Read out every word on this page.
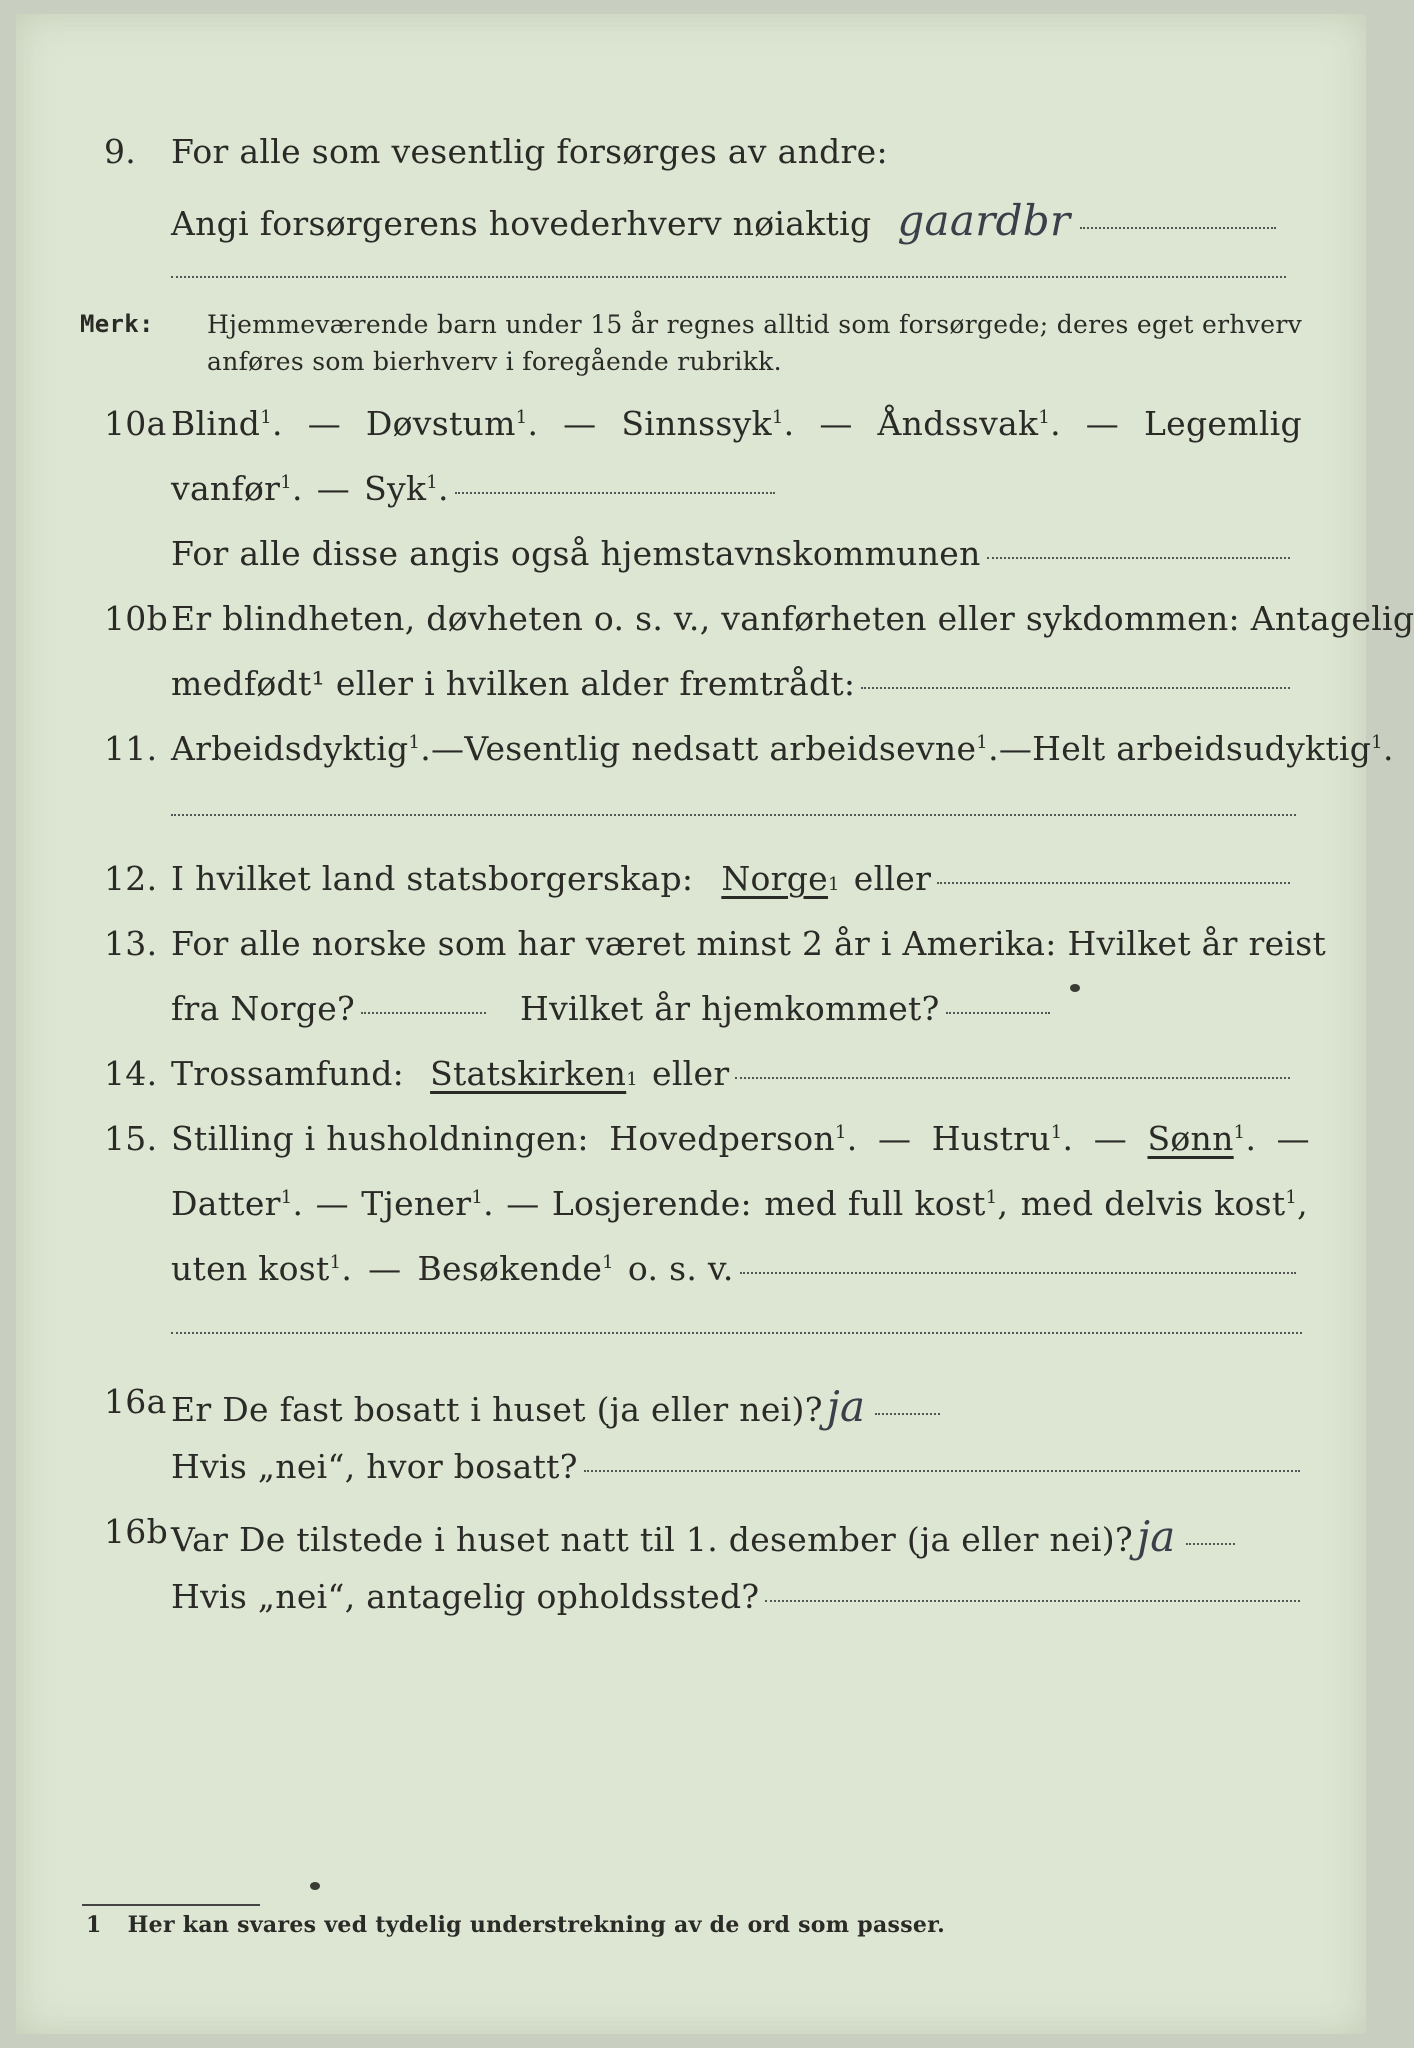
9.	For alle som vesentlig forsørges av andre:
Angi forsørgerens hovederhverv nøiaktig gaardbr
Merk: Hjemmeværende barn under 15 år regnes alltid som forsørgede; deres eget erhverv anføres som bierhverv i foregående rubrikk.
10a Blind$^1$. — Døvstum$^1$. — Sinnssyk$^1$. — Åndssvak$^1$. — Legemlig
vanfør$^1$. — Syk$^1$.
For alle disse angis også hjemstavnskommunen
10b Er blindheten, døvheten o. s. v., vanførheten eller sykdommen: Antagelig
medfødt¹ eller i hvilken alder fremtrådt:
11. Arbeidsdyktig$^1$. — Vesentlig nedsatt arbeidsevne$^1$. — Helt arbeidsudyktig$^1$.
12. I hvilket land statsborgerskap: Norge 1 eller
13. For alle norske som har været minst 2 år i Amerika: Hvilket år reist
fra Norge?	Hvilket år hjemkommet?
14. Trossamfund: Statskirken 1 eller
15. Stilling i husholdningen: Hovedperson$^1$. — Hustru$^1$. — Sønn$^1$. —
Datter$^1$. — Tjener$^1$. — Losjerende: med full kost$^1$, med delvis kost$^1$,
uten kost$^1$. — Besøkende$^1$ o. s. v.
16a Er De fast bosatt i huset (ja eller nei)? ja
Hvis „nei“, hvor bosatt?
16b Var De tilstede i huset natt til 1. desember (ja eller nei)? ja
Hvis „nei“, antagelig opholdssted?
1 Her kan svares ved tydelig understrekning av de ord som passer.
